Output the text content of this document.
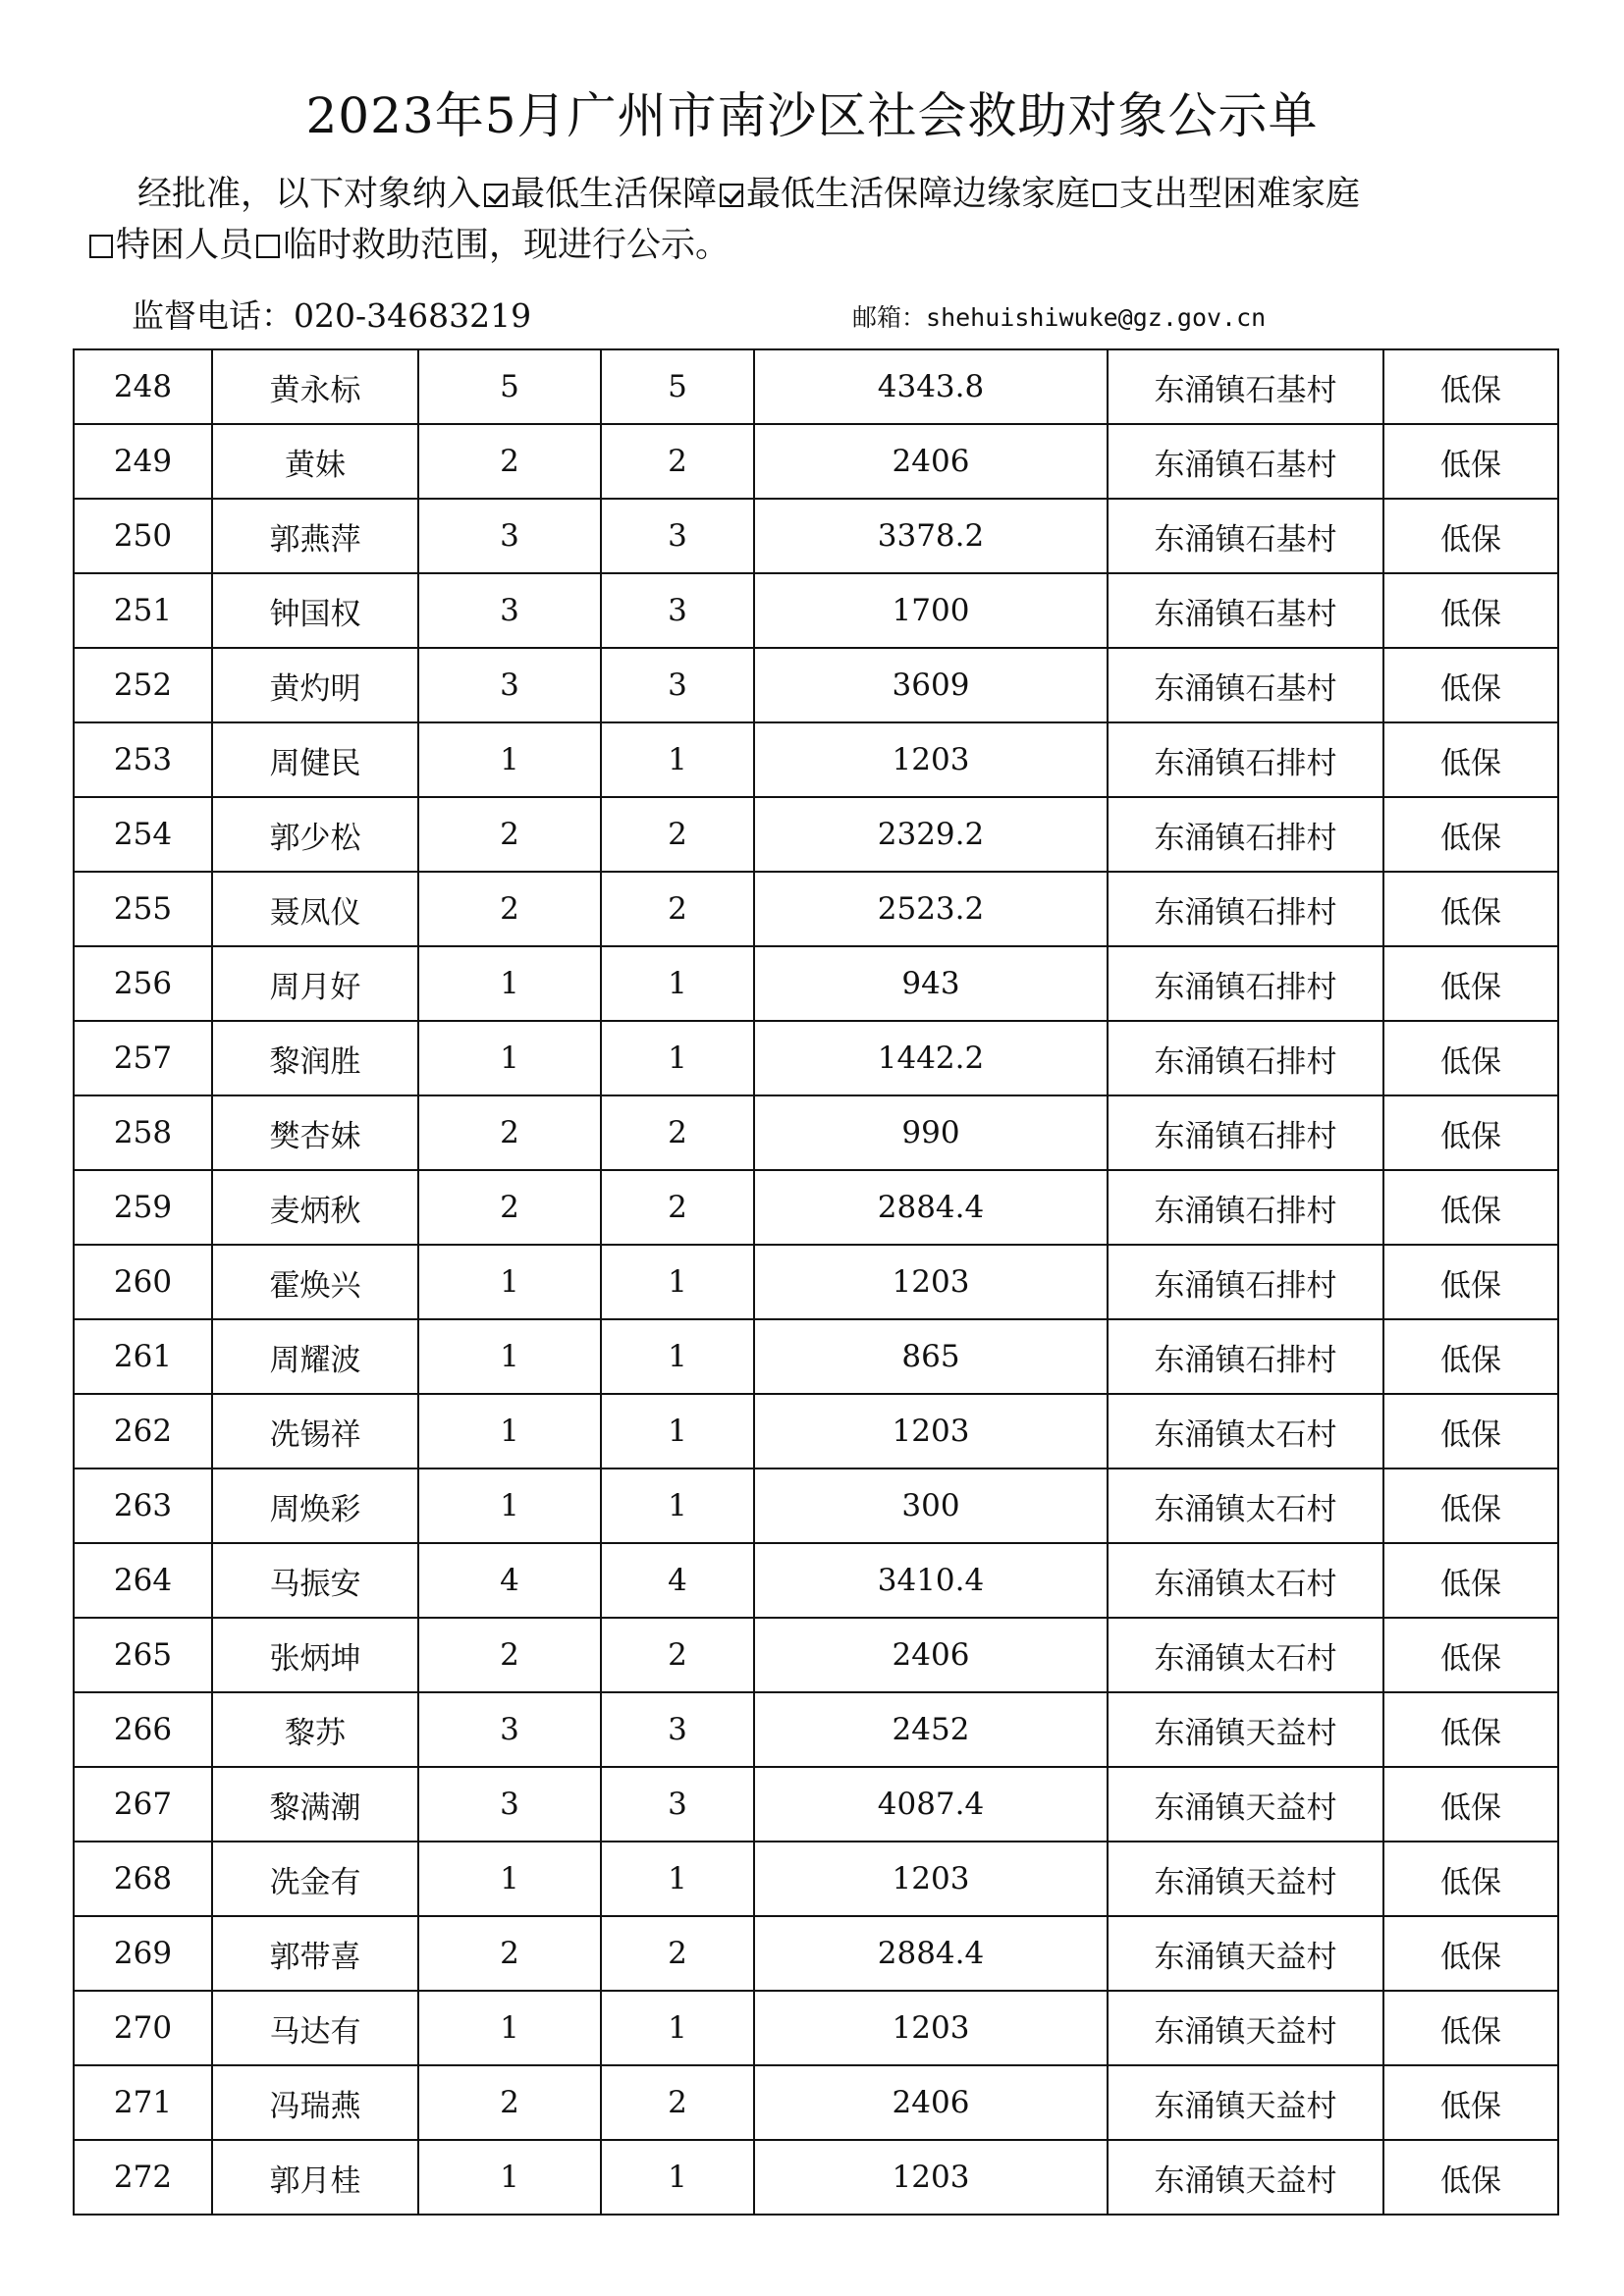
2023年5月广州市南沙区社会救助对象公示单
经批准，以下对象纳入 最低生活保障 最低生活保障边缘家庭 支出型困难家庭
特困人员 临时救助范围，现进行公示。
监督电话：020-34683219	邮箱：shehuishiwuke@gz.gov.cn
248	黄永标	5	5	4343.8	东涌镇石基村	低保
249	黄妹	2	2	2406	东涌镇石基村	低保
250	郭燕萍	3	3	3378.2	东涌镇石基村	低保
251	钟国权	3	3	1700	东涌镇石基村	低保
252	黄灼明	3	3	3609	东涌镇石基村	低保
253	周健民	1	1	1203	东涌镇石排村	低保
254	郭少松	2	2	2329.2	东涌镇石排村	低保
255	聂凤仪	2	2	2523.2	东涌镇石排村	低保
256	周月好	1	1	943	东涌镇石排村	低保
257	黎润胜	1	1	1442.2	东涌镇石排村	低保
258	樊杏妹	2	2	990	东涌镇石排村	低保
259	麦炳秋	2	2	2884.4	东涌镇石排村	低保
260	霍焕兴	1	1	1203	东涌镇石排村	低保
261	周耀波	1	1	865	东涌镇石排村	低保
262	冼锡祥	1	1	1203	东涌镇太石村	低保
263	周焕彩	1	1	300	东涌镇太石村	低保
264	马振安	4	4	3410.4	东涌镇太石村	低保
265	张炳坤	2	2	2406	东涌镇太石村	低保
266	黎苏	3	3	2452	东涌镇天益村	低保
267	黎满潮	3	3	4087.4	东涌镇天益村	低保
268	冼金有	1	1	1203	东涌镇天益村	低保
269	郭带喜	2	2	2884.4	东涌镇天益村	低保
270	马达有	1	1	1203	东涌镇天益村	低保
271	冯瑞燕	2	2	2406	东涌镇天益村	低保
272	郭月桂	1	1	1203	东涌镇天益村	低保
